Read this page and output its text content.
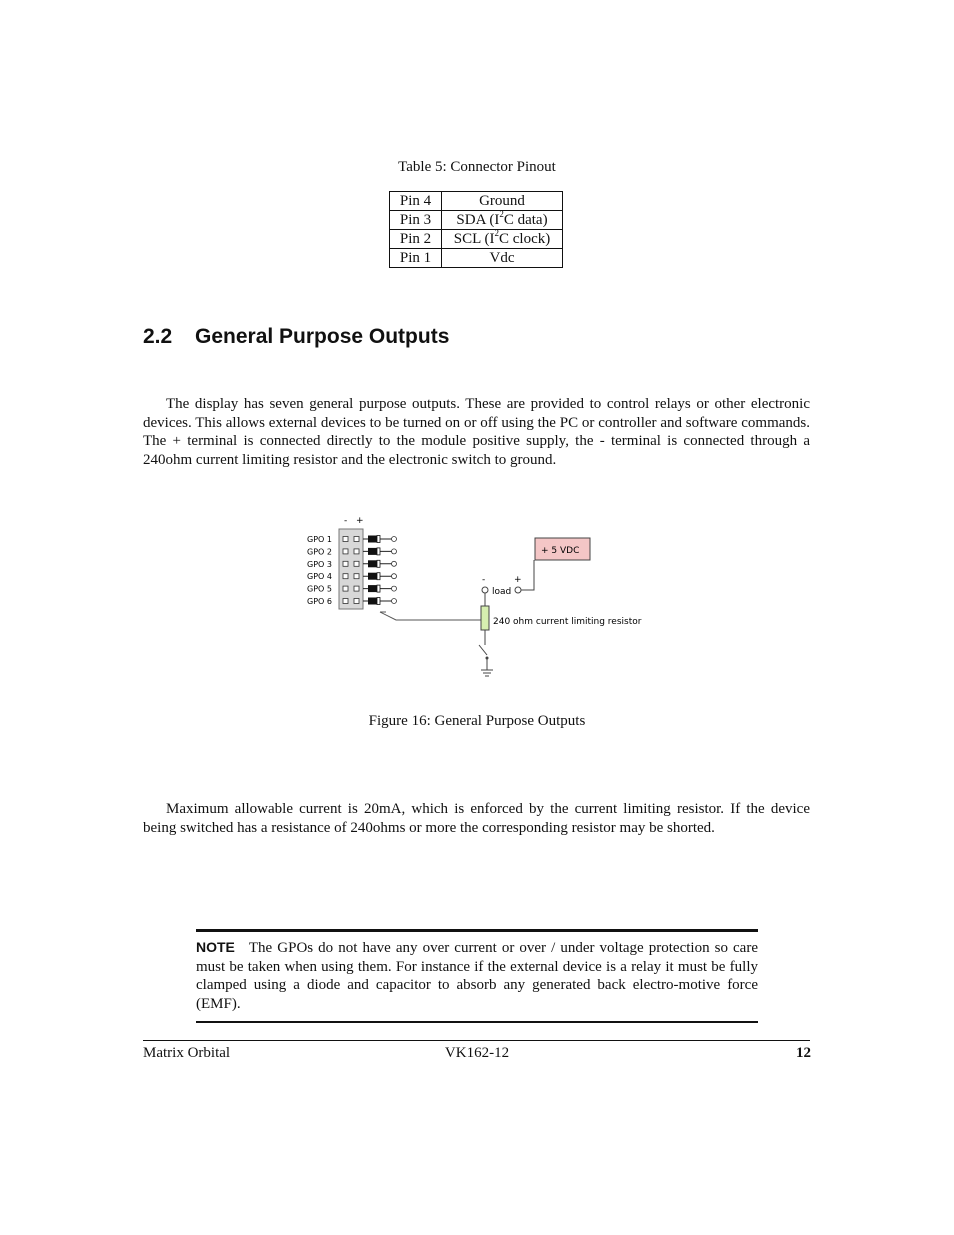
Table 5: Connector Pinout
Pin 4	Ground
Pin 3	SDA ($I^2C$ data)
Pin 2	SCL ($I^2C$ clock)
Pin 1	Vdc
2.2 General Purpose Outputs

The display has seven general purpose outputs. These are provided to control relays or other electronic devices. This allows external devices to be turned on or off using the PC or controller and software commands. The + terminal is connected directly to the module positive supply, the - terminal is connected through a 240ohm current limiting resistor and the electronic switch to ground.

- +
GPO 1
GPO 2
GPO 3
GPO 4
GPO 5
GPO 6
+ 5 VDC
-	+
load
240 ohm current limiting resistor
Figure 16: General Purpose Outputs

Maximum allowable current is 20mA, which is enforced by the current limiting resistor. If the device being switched has a resistance of 240ohms or more the corresponding resistor may be shorted.

NOTE The GPOs do not have any over current or over / under voltage protection so care must be taken when using them. For instance if the external device is a relay it must be fully clamped using a diode and capacitor to absorb any generated back electro-motive force (EMF).

Matrix Orbital	VK162-12	12
